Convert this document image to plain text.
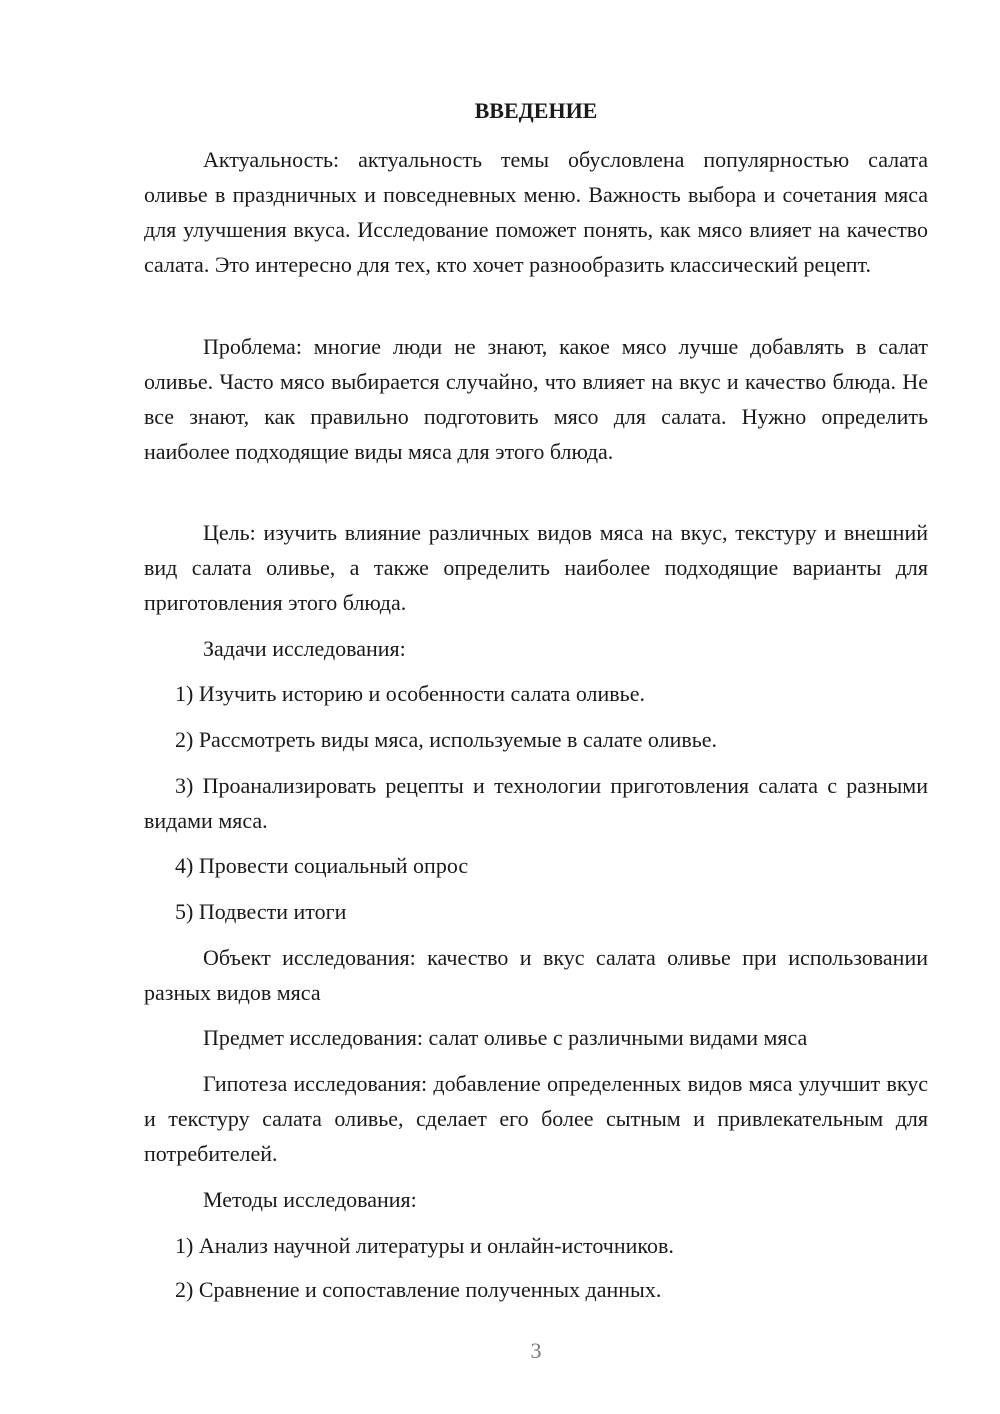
ВВЕДЕНИЕ
Актуальность: актуальность темы обусловлена популярностью салата оливье в праздничных и повседневных меню. Важность выбора и сочетания мяса для улучшения вкуса. Исследование поможет понять, как мясо влияет на качество салата. Это интересно для тех, кто хочет разнообразить классический рецепт.
Проблема: многие люди не знают, какое мясо лучше добавлять в салат оливье. Часто мясо выбирается случайно, что влияет на вкус и качество блюда. Не все знают, как правильно подготовить мясо для салата. Нужно определить наиболее подходящие виды мяса для этого блюда.
Цель: изучить влияние различных видов мяса на вкус, текстуру и внешний вид салата оливье, а также определить наиболее подходящие варианты для приготовления этого блюда.
Задачи исследования:
1) Изучить историю и особенности салата оливье.
2) Рассмотреть виды мяса, используемые в салате оливье.
3) Проанализировать рецепты и технологии приготовления салата с разными видами мяса.
4) Провести социальный опрос
5) Подвести итоги
Объект исследования: качество и вкус салата оливье при использовании разных видов мяса
Предмет исследования: салат оливье с различными видами мяса
Гипотеза исследования: добавление определенных видов мяса улучшит вкус и текстуру салата оливье, сделает его более сытным и привлекательным для потребителей.
Методы исследования:
1) Анализ научной литературы и онлайн-источников.
2) Сравнение и сопоставление полученных данных.
3
